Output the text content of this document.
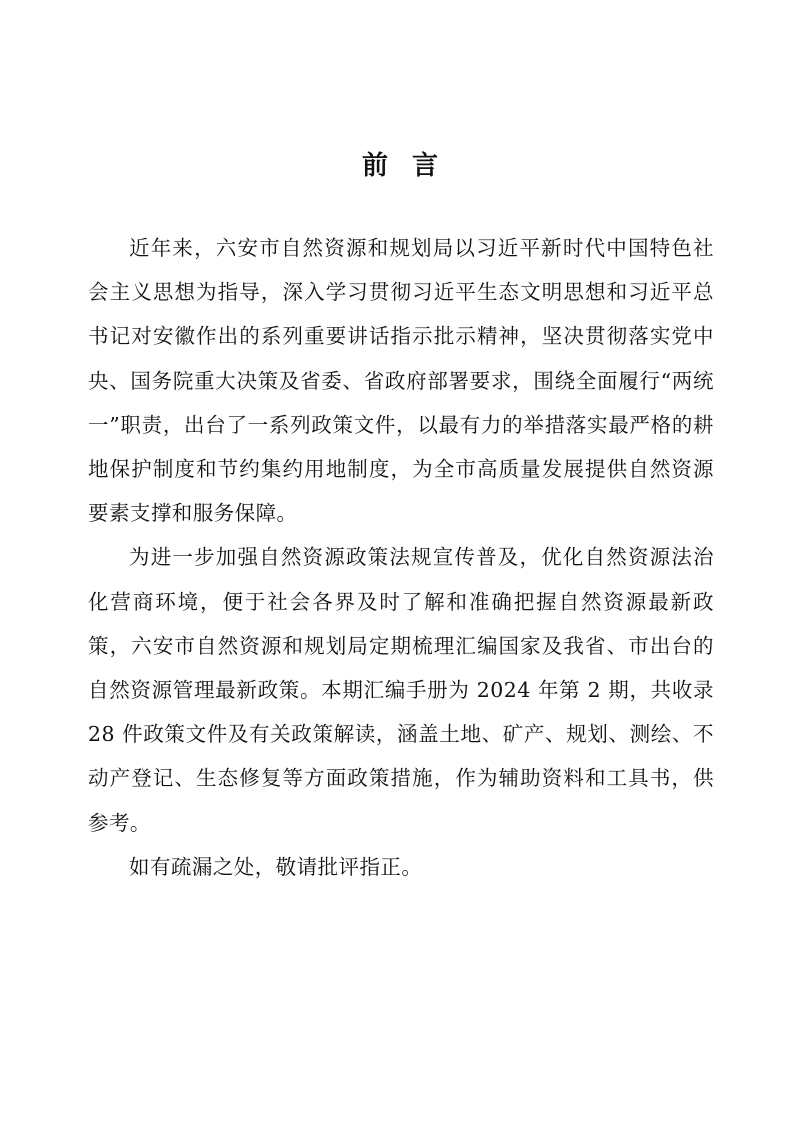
前言

近年来，六安市自然资源和规划局以习近平新时代中国特色社会主义思想为指导，深入学习贯彻习近平生态文明思想和习近平总书记对安徽作出的系列重要讲话指示批示精神，坚决贯彻落实党中央、国务院重大决策及省委、省政府部署要求，围绕全面履行“两统一”职责，出台了一系列政策文件，以最有力的举措落实最严格的耕地保护制度和节约集约用地制度，为全市高质量发展提供自然资源要素支撑和服务保障。

为进一步加强自然资源政策法规宣传普及，优化自然资源法治化营商环境，便于社会各界及时了解和准确把握自然资源最新政策，六安市自然资源和规划局定期梳理汇编国家及我省、市出台的自然资源管理最新政策。本期汇编手册为 2024 年第 2 期，共收录 28 件政策文件及有关政策解读，涵盖土地、矿产、规划、测绘、不动产登记、生态修复等方面政策措施，作为辅助资料和工具书，供参考。

如有疏漏之处，敬请批评指正。
